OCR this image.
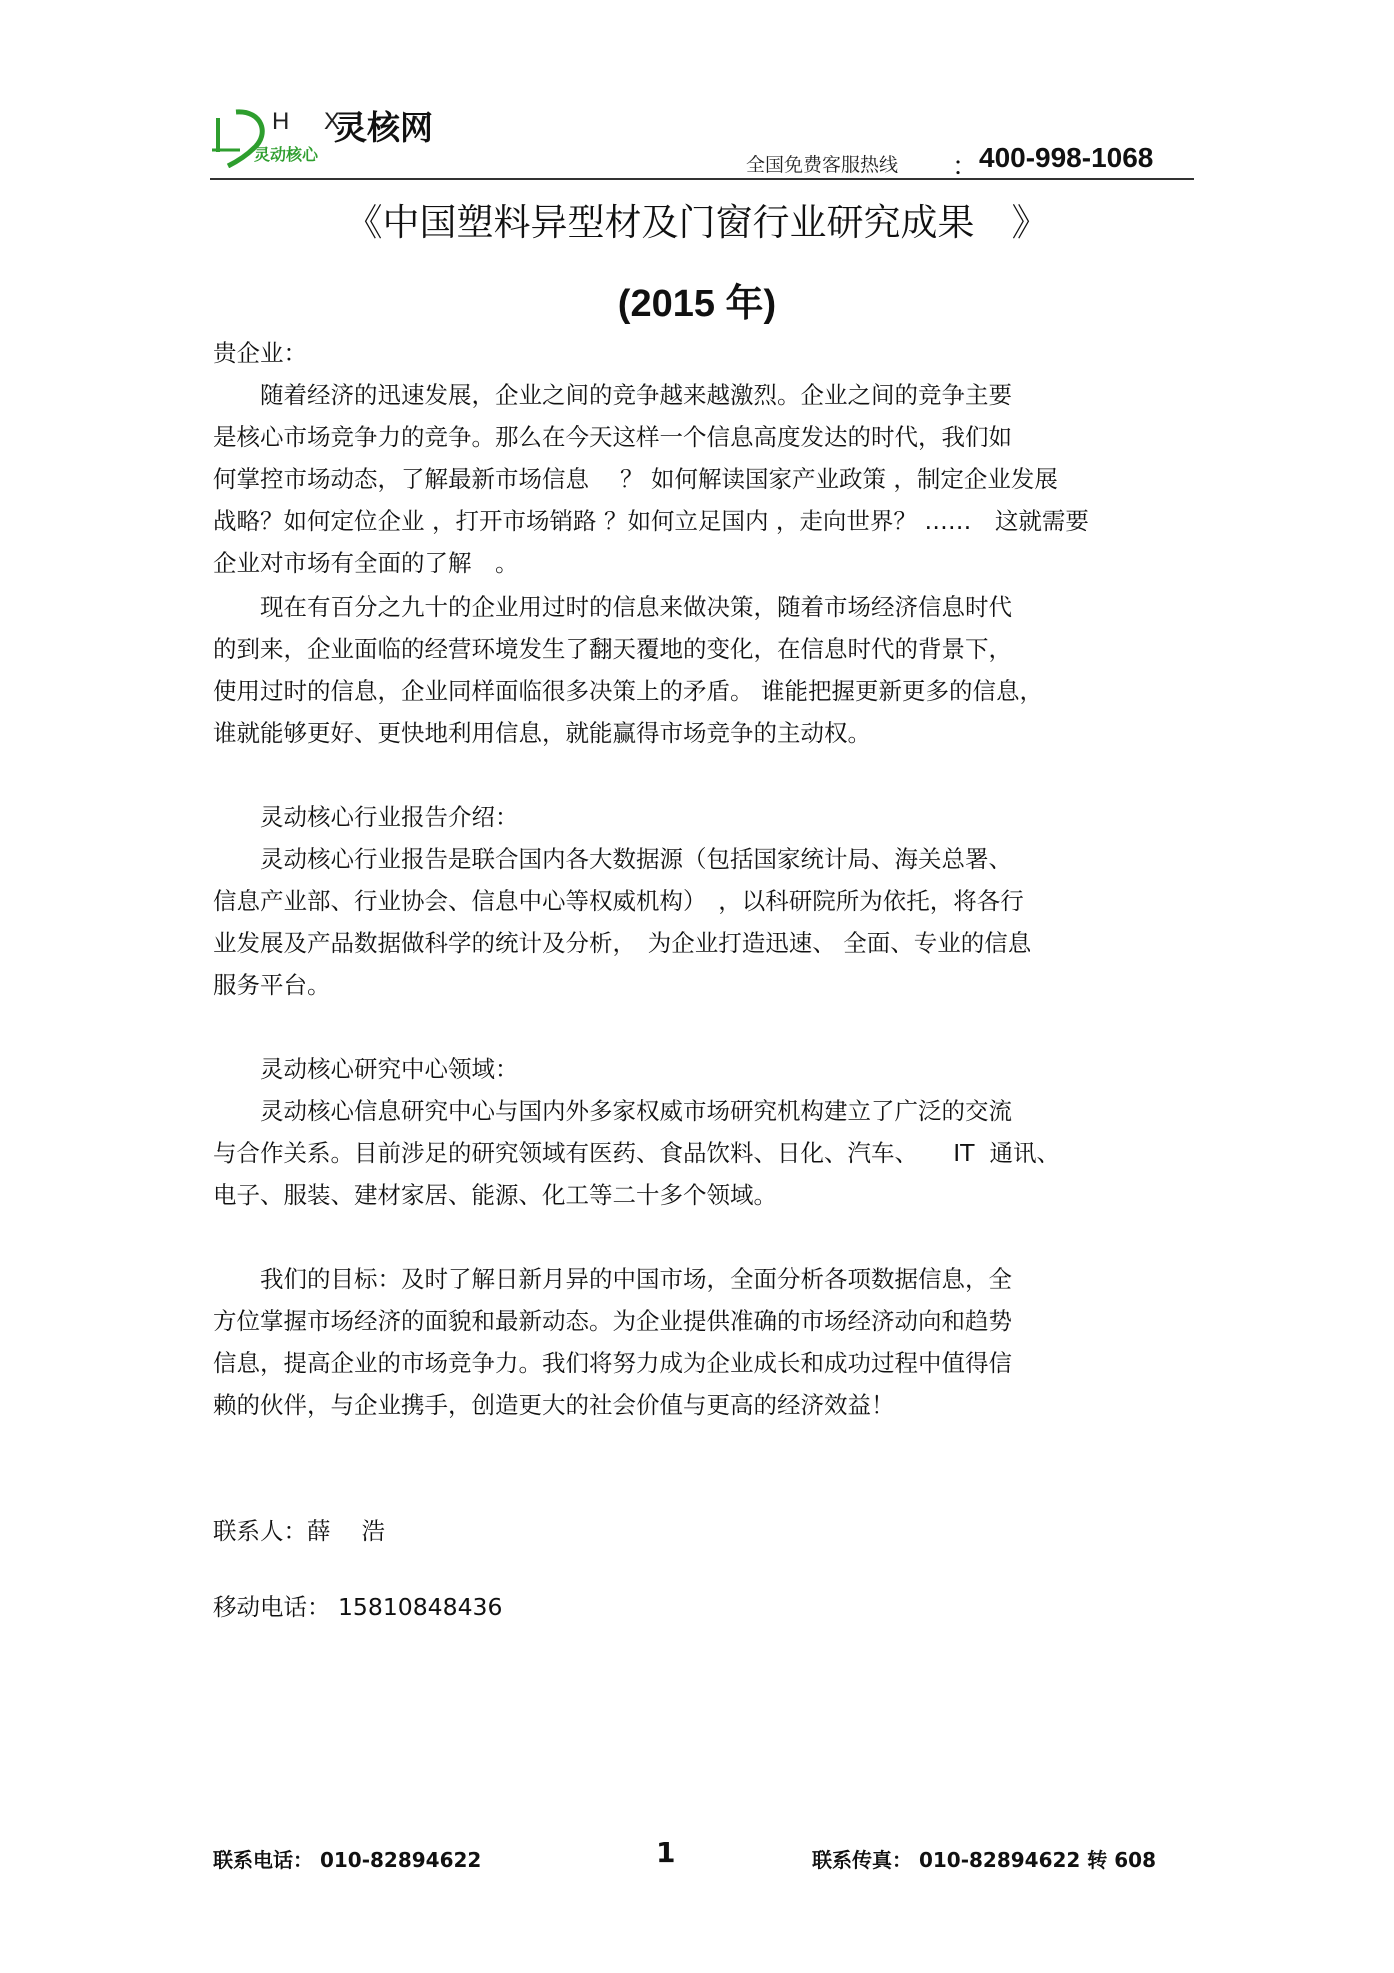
H X
灵核网
灵动核心	全国免费客服热线 ： 400-998-1068
《中国塑料异型材及门窗行业研究成果　》
(2015 年)
贵企业：
　　随着经济的迅速发展，企业之间的竞争越来越激烈。企业之间的竞争主要
是核心市场竞争力的竞争。那么在今天这样一个信息高度发达的时代，我们如
何掌控市场动态，了解最新市场信息　 ？ 如何解读国家产业政策 ，制定企业发展
战略？如何定位企业 ，打开市场销路 ？如何立足国内 ，走向世界？ ……　这就需要
企业对市场有全面的了解　。
　　现在有百分之九十的企业用过时的信息来做决策，随着市场经济信息时代
的到来，企业面临的经营环境发生了翻天覆地的变化，在信息时代的背景下，
使用过时的信息，企业同样面临很多决策上的矛盾。 谁能把握更新更多的信息，
谁就能够更好、更快地利用信息，就能赢得市场竞争的主动权。
　　灵动核心行业报告介绍：
　　灵动核心行业报告是联合国内各大数据源（包括国家统计局、海关总署、
信息产业部、行业协会、信息中心等权威机构）　，以科研院所为依托，将各行
业发展及产品数据做科学的统计及分析，　为企业打造迅速、 全面、专业的信息
服务平台。
　　灵动核心研究中心领域：
　　灵动核心信息研究中心与国内外多家权威市场研究机构建立了广泛的交流
与合作关系。目前涉足的研究领域有医药、食品饮料、日化、汽车、　　IT  通讯、
电子、服装、建材家居、能源、化工等二十多个领域。
　　我们的目标：及时了解日新月异的中国市场，全面分析各项数据信息，全
方位掌握市场经济的面貌和最新动态。为企业提供准确的市场经济动向和趋势
信息，提高企业的市场竞争力。我们将努力成为企业成长和成功过程中值得信
赖的伙伴，与企业携手，创造更大的社会价值与更高的经济效益！
联系人：薛　 浩
移动电话： 15810848436
联系电话： 010-82894622	1	联系传真： 010-82894622 转 608
